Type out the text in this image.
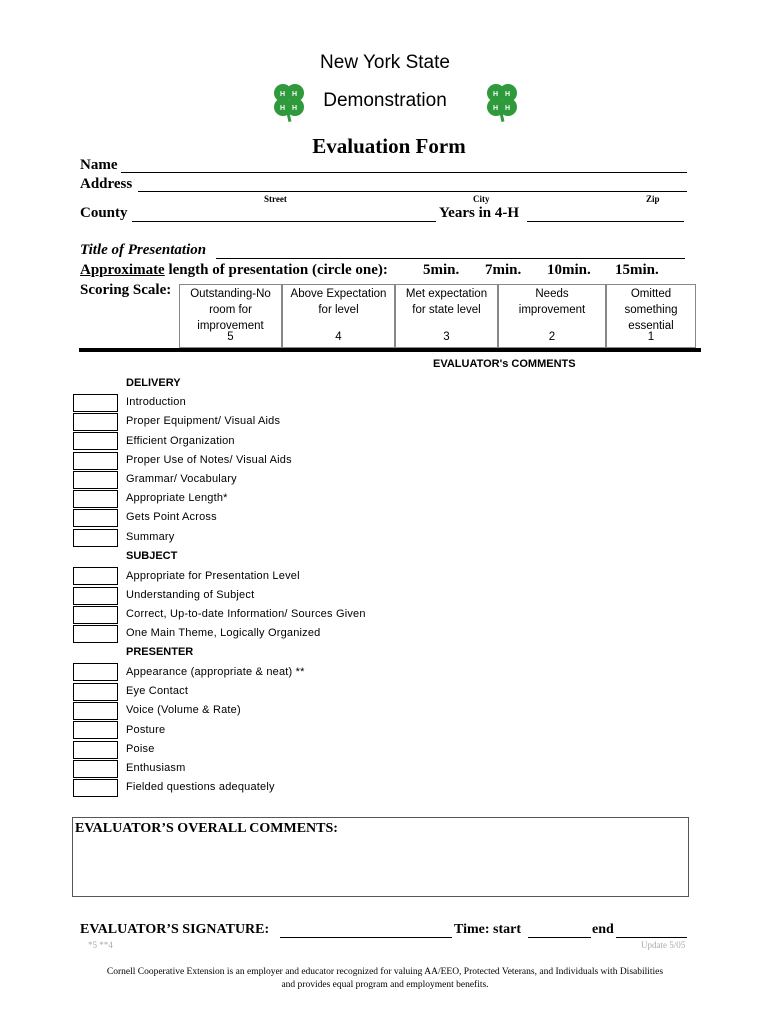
New York State
Demonstration
Evaluation Form
H H
H H
H H
H H
Name
Address
Street	City	Zip
County	Years in 4-H
Title of Presentation
Approximate length of presentation (circle one): 5min. 7min. 10min. 15min.
Scoring Scale:	Outstanding-No
room for
improvement
5
Above Expectation
for level
4
Met expectation
for state level
3
Needs
improvement
2
Omitted
something
essential
1
EVALUATOR's COMMENTS
DELIVERY
Introduction
Proper Equipment/ Visual Aids
Efficient Organization
Proper Use of Notes/ Visual Aids
Grammar/ Vocabulary
Appropriate Length*
Gets Point Across
Summary
SUBJECT
Appropriate for Presentation Level
Understanding of Subject
Correct, Up-to-date Information/ Sources Given
One Main Theme, Logically Organized
PRESENTER
Appearance (appropriate & neat) **
Eye Contact
Voice (Volume & Rate)
Posture
Poise
Enthusiasm
Fielded questions adequately
EVALUATOR’S OVERALL COMMENTS:
EVALUATOR’S SIGNATURE:	Time: start	end
*5 **4	Update 5/05
Cornell Cooperative Extension is an employer and educator recognized for valuing AA/EEO, Protected Veterans, and Individuals with Disabilities
and provides equal program and employment benefits.
